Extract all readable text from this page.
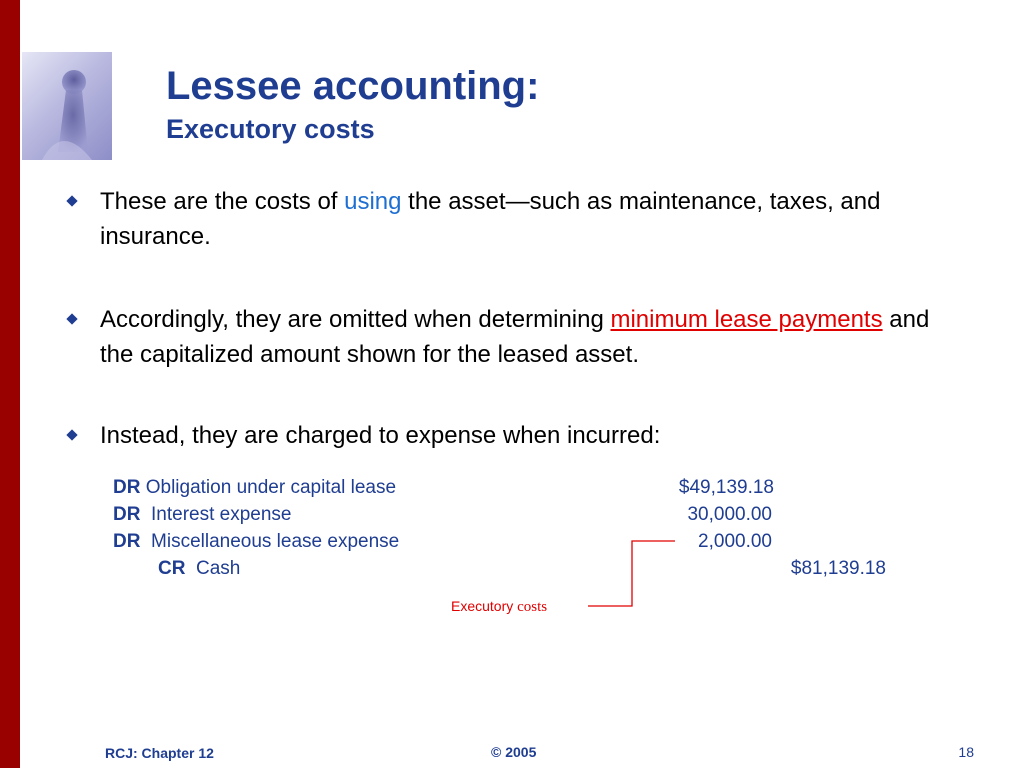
Lessee accounting:
Executory costs
These are the costs of using the asset—such as maintenance, taxes, and insurance.
Accordingly, they are omitted when determining minimum lease payments and the capitalized amount shown for the leased asset.
Instead, they are charged to expense when incurred:
DR Obligation under capital lease	$49,139.18
DR Interest expense	30,000.00
DR Miscellaneous lease expense	2,000.00
CR Cash	$81,139.18
Executory costs
RCJ: Chapter 12	© 2005	18
